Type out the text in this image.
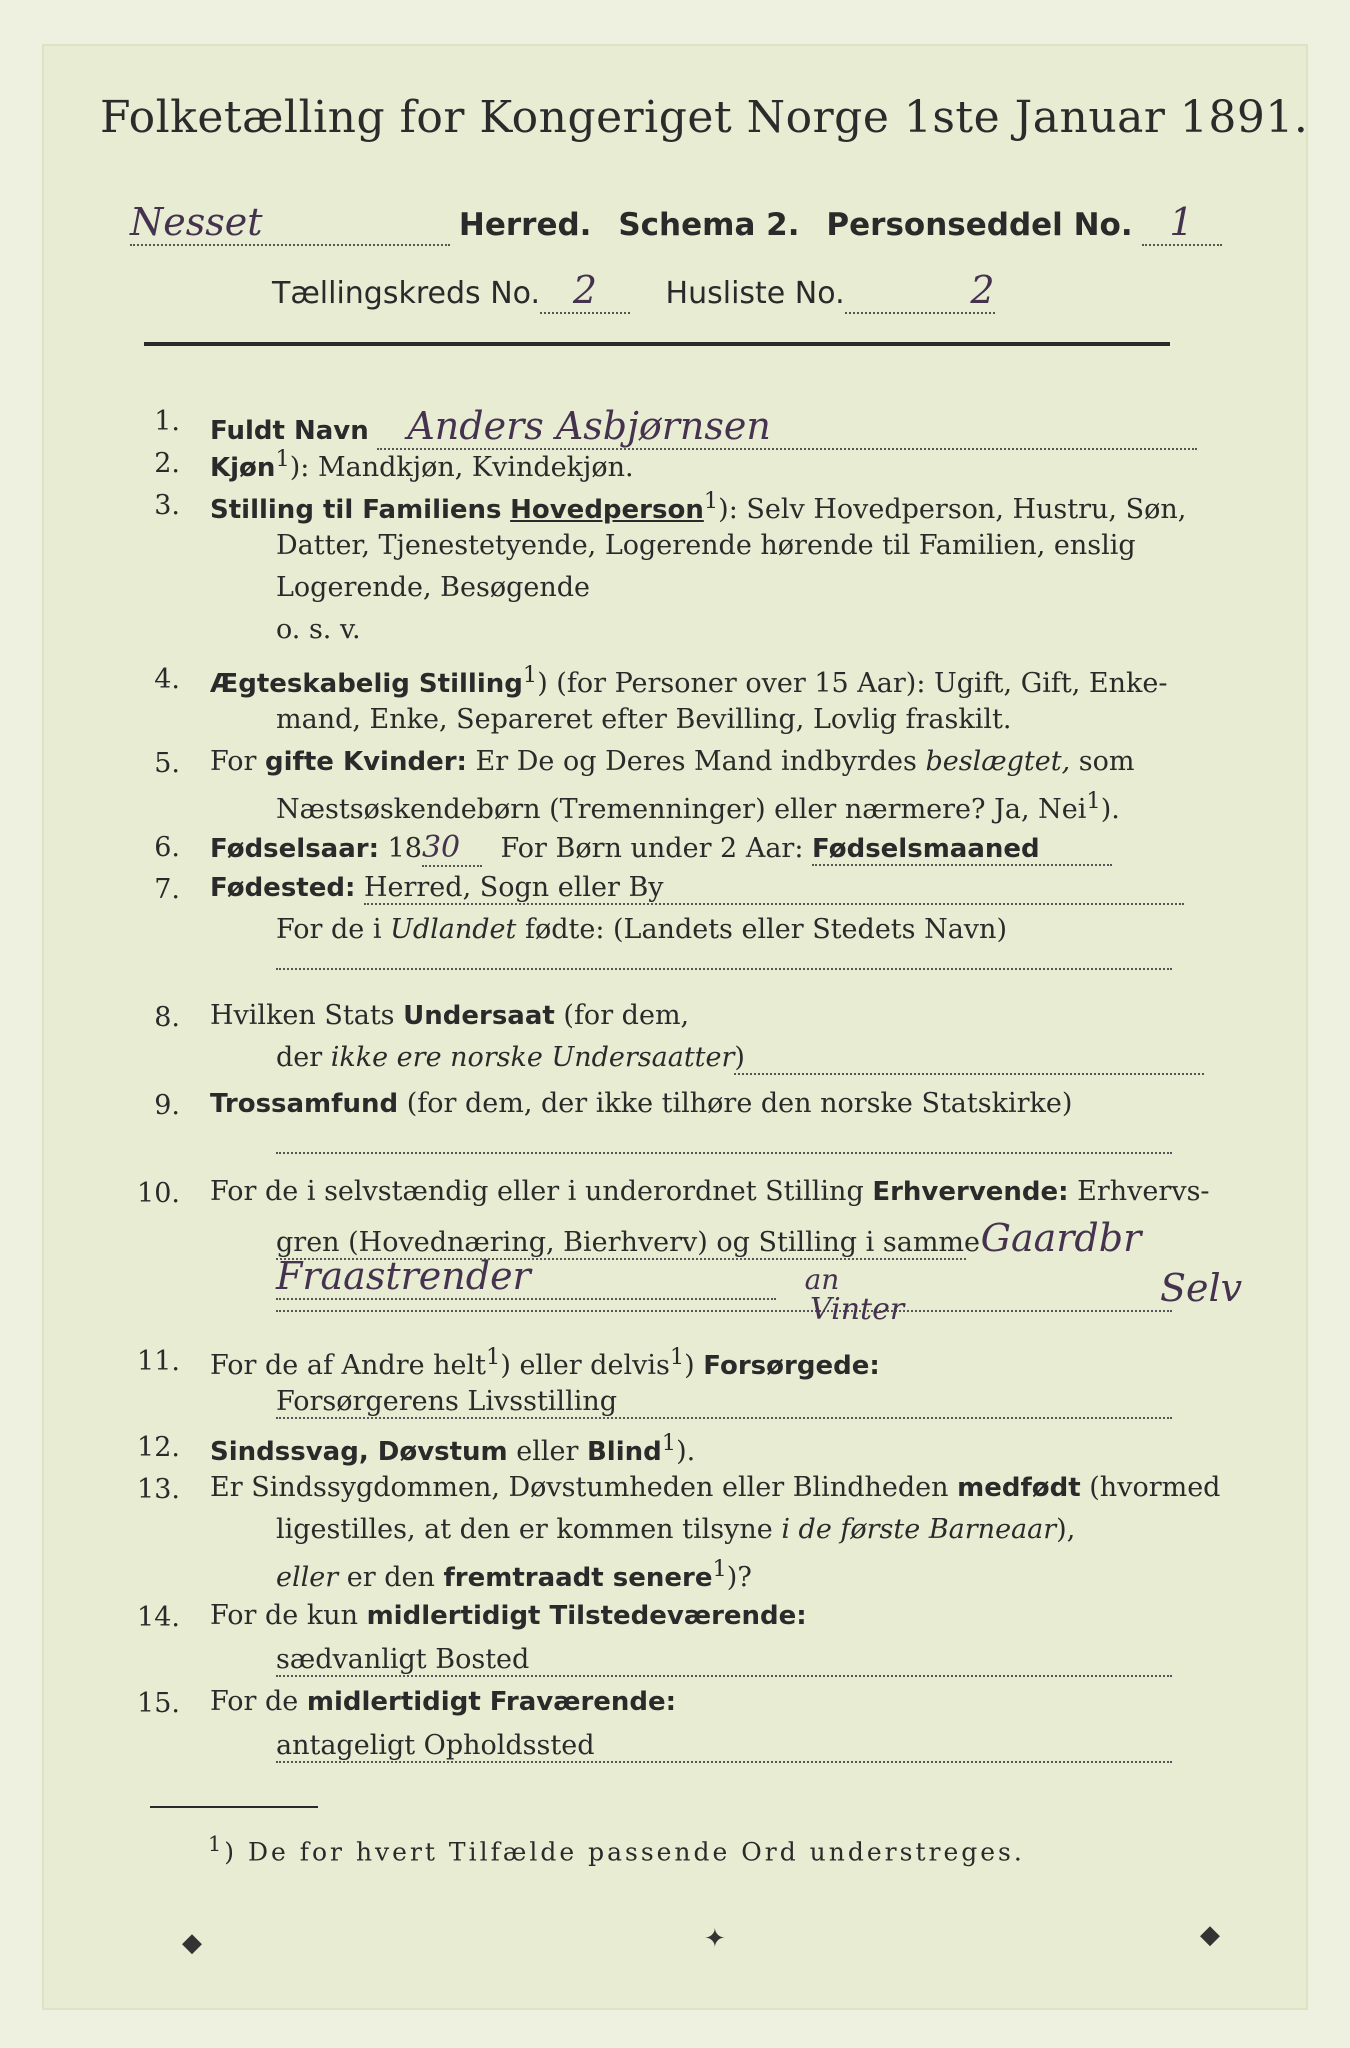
Folketælling for Kongeriget Norge 1ste Januar 1891.
Nesset	Herred. Schema 2. Personseddel No. 1
Tællingskreds No. 2 Husliste No.	2
1. Fuldt Navn Anders Asbjørnsen
2. Kjøn$^1$): Mandkjøn, Kvindekjøn.
3. Stilling til Familiens Hovedperson$^1$): Selv Hovedperson, Hustru, Søn,
Datter, Tjenestetyende, Logerende hørende til Familien, enslig
Logerende, Besøgende
o. s. v.
4. Ægteskabelig Stilling$^1$) (for Personer over 15 Aar): Ugift, Gift, Enke-
mand, Enke, Separeret efter Bevilling, Lovlig fraskilt.
5. For gifte Kvinder: Er De og Deres Mand indbyrdes beslægtet, som
Næstsøskendebørn (Tremenninger) eller nærmere? Ja, Nei$^1$).
6. Fødselsaar: 1830 For Børn under 2 Aar: Fødselsmaaned
7. Fødested: Herred, Sogn eller By
For de i Udlandet fødte: (Landets eller Stedets Navn)
8. Hvilken Stats Undersaat (for dem,
der ikke ere norske Undersaatter)
9. Trossamfund (for dem, der ikke tilhøre den norske Statskirke)
10. For de i selvstændig eller i underordnet Stilling Erhvervende: Erhvervs-
gren (Hovednæring, Bierhverv) og Stilling i samme Gaardbr
Fraastrender	an	Selv
Vinter
11. For de af Andre helt$^1$) eller delvis$^1$) Forsørgede:
Forsørgerens Livsstilling
12. Sindssvag, Døvstum eller Blind$^1$).
13. Er Sindssygdommen, Døvstumheden eller Blindheden medfødt (hvormed
ligestilles, at den er kommen tilsyne i de første Barneaar),
eller er den fremtraadt senere$^1$)?
14. For de kun midlertidigt Tilstedeværende:
sædvanligt Bosted
15. For de midlertidigt Fraværende:
antageligt Opholdssted
$^1$) De for hvert Tilfælde passende Ord understreges.
◆	✦	◆
